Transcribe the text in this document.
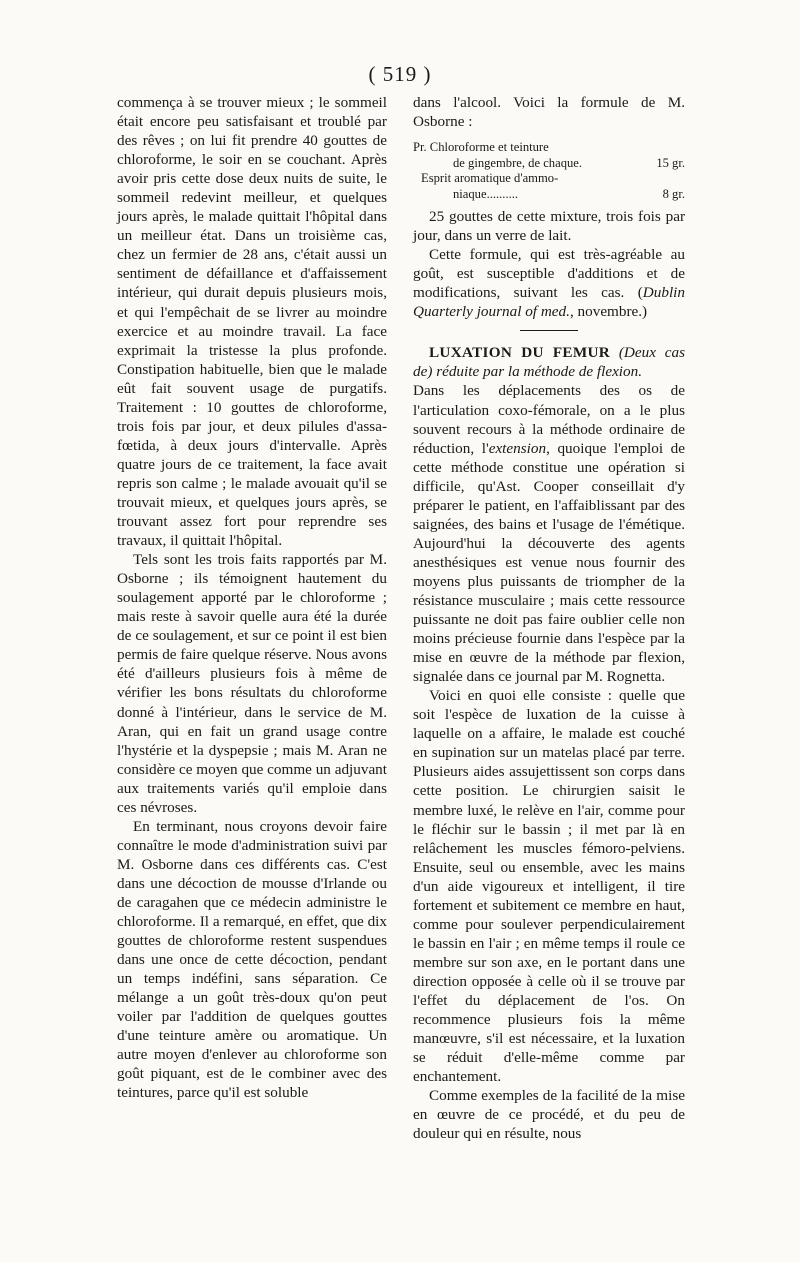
( 519 )

commença à se trouver mieux ; le sommeil était encore peu satisfaisant et troublé par des rêves ; on lui fit prendre 40 gouttes de chloroforme, le soir en se couchant. Après avoir pris cette dose deux nuits de suite, le sommeil redevint meilleur, et quelques jours après, le malade quittait l'hôpital dans un meilleur état. Dans un troisième cas, chez un fermier de 28 ans, c'était aussi un sentiment de défaillance et d'affaissement intérieur, qui durait depuis plusieurs mois, et qui l'empêchait de se livrer au moindre exercice et au moindre travail. La face exprimait la tristesse la plus profonde. Constipation habituelle, bien que le malade eût fait souvent usage de purgatifs. Traitement : 10 gouttes de chloroforme, trois fois par jour, et deux pilules d'assa-fœtida, à deux jours d'intervalle. Après quatre jours de ce traitement, la face avait repris son calme ; le malade avouait qu'il se trouvait mieux, et quelques jours après, se trouvant assez fort pour reprendre ses travaux, il quittait l'hôpital.

Tels sont les trois faits rapportés par M. Osborne ; ils témoignent hautement du soulagement apporté par le chloroforme ; mais reste à savoir quelle aura été la durée de ce soulagement, et sur ce point il est bien permis de faire quelque réserve. Nous avons été d'ailleurs plusieurs fois à même de vérifier les bons résultats du chloroforme donné à l'intérieur, dans le service de M. Aran, qui en fait un grand usage contre l'hystérie et la dyspepsie ; mais M. Aran ne considère ce moyen que comme un adjuvant aux traitements variés qu'il emploie dans ces névroses.

En terminant, nous croyons devoir faire connaître le mode d'administration suivi par M. Osborne dans ces différents cas. C'est dans une décoction de mousse d'Irlande ou de caragahen que ce médecin administre le chloroforme. Il a remarqué, en effet, que dix gouttes de chloroforme restent suspendues dans une once de cette décoction, pendant un temps indéfini, sans séparation. Ce mélange a un goût très-doux qu'on peut voiler par l'addition de quelques gouttes d'une teinture amère ou aromatique. Un autre moyen d'enlever au chloroforme son goût piquant, est de le combiner avec des teintures, parce qu'il est soluble

dans l'alcool. Voici la formule de M. Osborne :

Pr. Chloroforme et teinture
de gingembre, de chaque.	15 gr.
Esprit aromatique d'ammo-
niaque..........	8 gr.

25 gouttes de cette mixture, trois fois par jour, dans un verre de lait.

Cette formule, qui est très-agréable au goût, est susceptible d'additions et de modifications, suivant les cas. (Dublin Quarterly journal of med., novembre.)

LUXATION DU FEMUR (Deux cas de) réduite par la méthode de flexion.

Dans les déplacements des os de l'articulation coxo-fémorale, on a le plus souvent recours à la méthode ordinaire de réduction, l'extension, quoique l'emploi de cette méthode constitue une opération si difficile, qu'Ast. Cooper conseillait d'y préparer le patient, en l'affaiblissant par des saignées, des bains et l'usage de l'émétique. Aujourd'hui la découverte des agents anesthésiques est venue nous fournir des moyens plus puissants de triompher de la résistance musculaire ; mais cette ressource puissante ne doit pas faire oublier celle non moins précieuse fournie dans l'espèce par la mise en œuvre de la méthode par flexion, signalée dans ce journal par M. Rognetta.

Voici en quoi elle consiste : quelle que soit l'espèce de luxation de la cuisse à laquelle on a affaire, le malade est couché en supination sur un matelas placé par terre. Plusieurs aides assujettissent son corps dans cette position. Le chirurgien saisit le membre luxé, le relève en l'air, comme pour le fléchir sur le bassin ; il met par là en relâchement les muscles fémoro-pelviens. Ensuite, seul ou ensemble, avec les mains d'un aide vigoureux et intelligent, il tire fortement et subitement ce membre en haut, comme pour soulever perpendiculairement le bassin en l'air ; en même temps il roule ce membre sur son axe, en le portant dans une direction opposée à celle où il se trouve par l'effet du déplacement de l'os. On recommence plusieurs fois la même manœuvre, s'il est nécessaire, et la luxation se réduit d'elle-même comme par enchantement.

Comme exemples de la facilité de la mise en œuvre de ce procédé, et du peu de douleur qui en résulte, nous
